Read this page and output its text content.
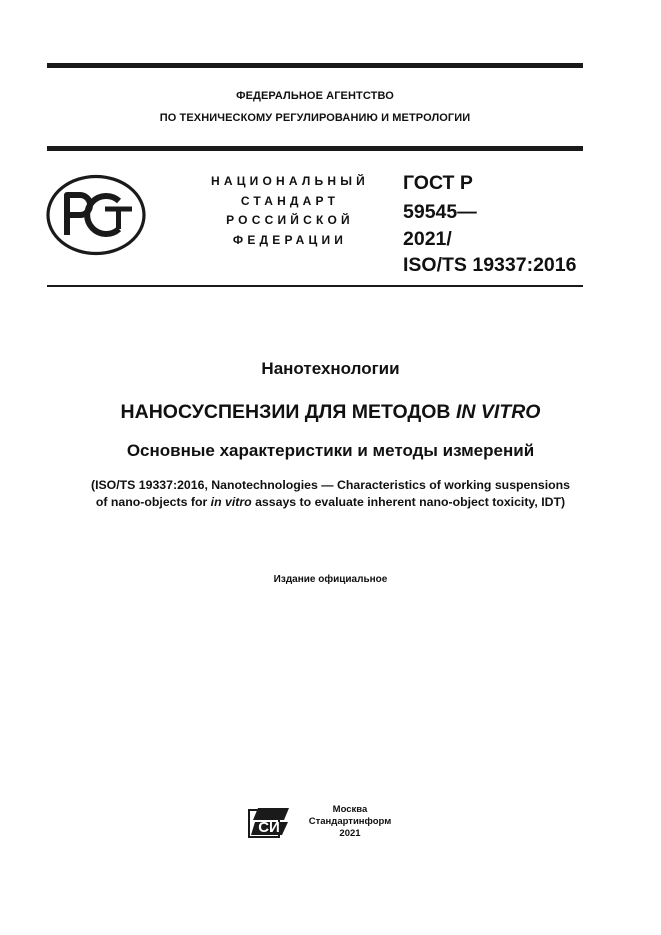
ФЕДЕРАЛЬНОЕ АГЕНТСТВО
ПО ТЕХНИЧЕСКОМУ РЕГУЛИРОВАНИЮ И МЕТРОЛОГИИ
НАЦИОНАЛЬНЫЙ
СТАНДАРТ
РОССИЙСКОЙ
ФЕДЕРАЦИИ
ГОСТ Р
59545—
2021/
ISO/TS 19337:2016
Нанотехнологии
НАНОСУСПЕНЗИИ ДЛЯ МЕТОДОВ IN VITRO
Основные характеристики и методы измерений
(ISO/TS 19337:2016, Nanotechnologies — Characteristics of working suspensions
of nano-objects for in vitro assays to evaluate inherent nano-object toxicity, IDT)
Издание официальное
СИ
Москва
Стандартинформ
2021
